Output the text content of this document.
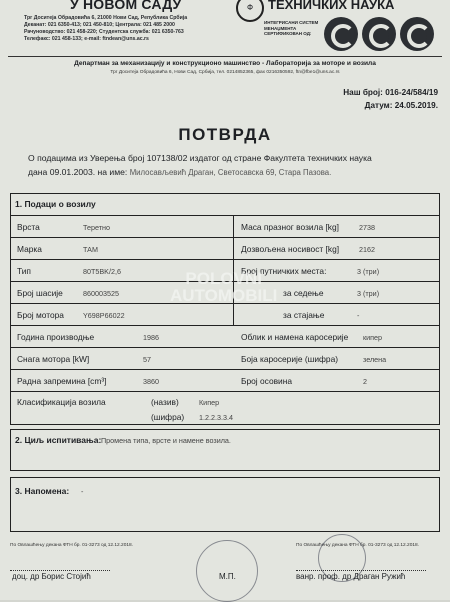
У НОВОМ САДУ
Трг Доситеја Обрадовића 6, 21000 Нови Сад, Република Србија
Деканат: 021 6350-413; 021 450-810; Централа: 021 485 2000
Рачуноводство: 021 458-220; Студентска служба: 021 6350-763
Телефакс: 021 458-133; e-mail: ftndean@uns.ac.rs
Ф	ТЕХНИЧКИХ НАУКА
ИНТЕГРИСАНИ СИСТЕМ МЕНАЏМЕНТА СЕРТИФИКОВАН ОД:
Департман за механизацију и конструкционо машинство - Лабораторија за моторе и возила
Трг Доситеја Обрадовића 6, Нови Сад, Србија, тел. 0214852365, фах 0216350592, ftn@fbe1@uns.ac.rs
Наш број: 016-24/584/19
Датум: 24.05.2019.
ПОТВРДА
О подацима из Уверења број 107138/02 издатог од стране Факултета техничких наука
дана 09.01.2003. на име: Милосављевић Драган, Светосавска 69, Стара Пазова.
1. Подаци о возилу
Врста	Теретно	Маса празног возила [kg]	2738
Марка	ТАМ	Дозвољена носивост [kg]	2162
Тип	80T5BK/2,6	Број путничких места:	3 (три)
Број шасије	860003525	за седење	3 (три)
Број мотора	Y698P66022	за стајање	-
Година производње	1986	Облик и намена каросерије кипер
Снага мотора [kW]	57	Боја каросерије (шифра)	зелена
Радна запремина [cm³]	3860	Број осовина	2
Класификација возила	(назив)	Кипер
(шифра) 1.2.2.3.3.4
2. Циљ испитивања: Промена типа, врсте и намене возила.
3. Напомена: -
По Овлашћењу декана ФТН бр. 01-3273 од 12.12.2018.
доц. др Борис Стојић	М.П.
По Овлашћењу декана ФТН бр. 01-3273 од 12.12.2018.
ванр. проф. др Драган Ружић
POLOVNI
AUTOMOBILI
